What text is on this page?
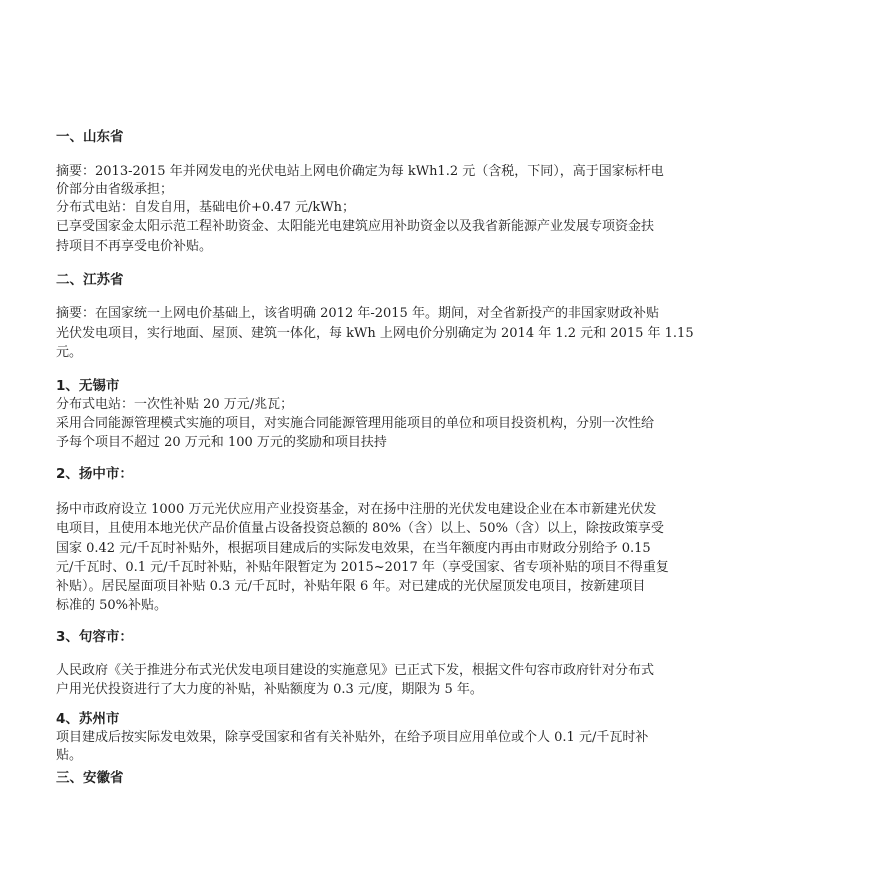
一、山东省
摘要：2013-2015 年并网发电的光伏电站上网电价确定为每 kWh1.2 元（含税，下同），高于国家标杆电
价部分由省级承担；
分布式电站：自发自用，基础电价+0.47 元/kWh；
已享受国家金太阳示范工程补助资金、太阳能光电建筑应用补助资金以及我省新能源产业发展专项资金扶
持项目不再享受电价补贴。
二、江苏省
摘要：在国家统一上网电价基础上，该省明确 2012 年-2015 年。期间，对全省新投产的非国家财政补贴
光伏发电项目，实行地面、屋顶、建筑一体化，每 kWh 上网电价分别确定为 2014 年 1.2 元和 2015 年 1.15
元。
1、无锡市
分布式电站：一次性补贴 20 万元/兆瓦；
采用合同能源管理模式实施的项目，对实施合同能源管理用能项目的单位和项目投资机构，分别一次性给
予每个项目不超过 20 万元和 100 万元的奖励和项目扶持
2、扬中市：
扬中市政府设立 1000 万元光伏应用产业投资基金，对在扬中注册的光伏发电建设企业在本市新建光伏发
电项目，且使用本地光伏产品价值量占设备投资总额的 80%（含）以上、50%（含）以上，除按政策享受
国家 0.42 元/千瓦时补贴外，根据项目建成后的实际发电效果，在当年额度内再由市财政分别给予 0.15
元/千瓦时、0.1 元/千瓦时补贴，补贴年限暂定为 2015~2017 年（享受国家、省专项补贴的项目不得重复
补贴）。居民屋面项目补贴 0.3 元/千瓦时，补贴年限 6 年。对已建成的光伏屋顶发电项目，按新建项目
标准的 50%补贴。
3、句容市：
人民政府《关于推进分布式光伏发电项目建设的实施意见》已正式下发，根据文件句容市政府针对分布式
户用光伏投资进行了大力度的补贴，补贴额度为 0.3 元/度，期限为 5 年。
4、苏州市
项目建成后按实际发电效果，除享受国家和省有关补贴外，在给予项目应用单位或个人 0.1 元/千瓦时补
贴。
三、安徽省
